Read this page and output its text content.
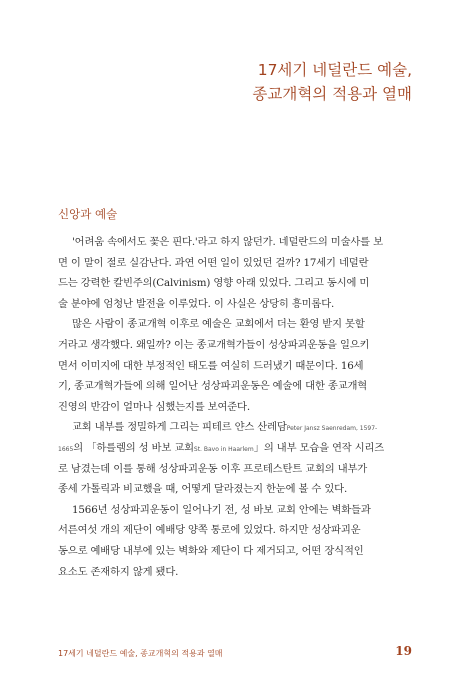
17세기 네덜란드 예술,
종교개혁의 적용과 열매
신앙과 예술
'어려움 속에서도 꽃은 핀다.'라고 하지 않던가. 네덜란드의 미술사를 보
면 이 말이 절로 실감난다. 과연 어떤 일이 있었던 걸까? 17세기 네덜란
드는 강력한 칼빈주의(Calvinism) 영향 아래 있었다. 그리고 동시에 미
술 분야에 엄청난 발전을 이루었다. 이 사실은 상당히 흥미롭다.
많은 사람이 종교개혁 이후로 예술은 교회에서 더는 환영 받지 못할
거라고 생각했다. 왜일까? 이는 종교개혁가들이 성상파괴운동을 일으키
면서 이미지에 대한 부정적인 태도를 여실히 드러냈기 때문이다. 16세
기, 종교개혁가들에 의해 일어난 성상파괴운동은 예술에 대한 종교개혁
진영의 반감이 얼마나 심했는지를 보여준다.
교회 내부를 정밀하게 그리는 피테르 얀스 산레담Peter Jansz Saenredam, 1597-
1665의 「하를렘의 성 바보 교회St. Bavo in Haarlem」의 내부 모습을 연작 시리즈
로 남겼는데 이를 통해 성상파괴운동 이후 프로테스탄트 교회의 내부가
종세 가톨릭과 비교했을 때, 어떻게 달라졌는지 한눈에 볼 수 있다.
1566년 성상파괴운동이 일어나기 전, 성 바보 교회 안에는 벽화들과
서른여섯 개의 제단이 예배당 양쪽 통로에 있었다. 하지만 성상파괴운
동으로 예배당 내부에 있는 벽화와 제단이 다 제거되고, 어떤 장식적인
요소도 존재하지 않게 됐다.
17세기 네덜란드 예술, 종교개혁의 적용과 열매	19
